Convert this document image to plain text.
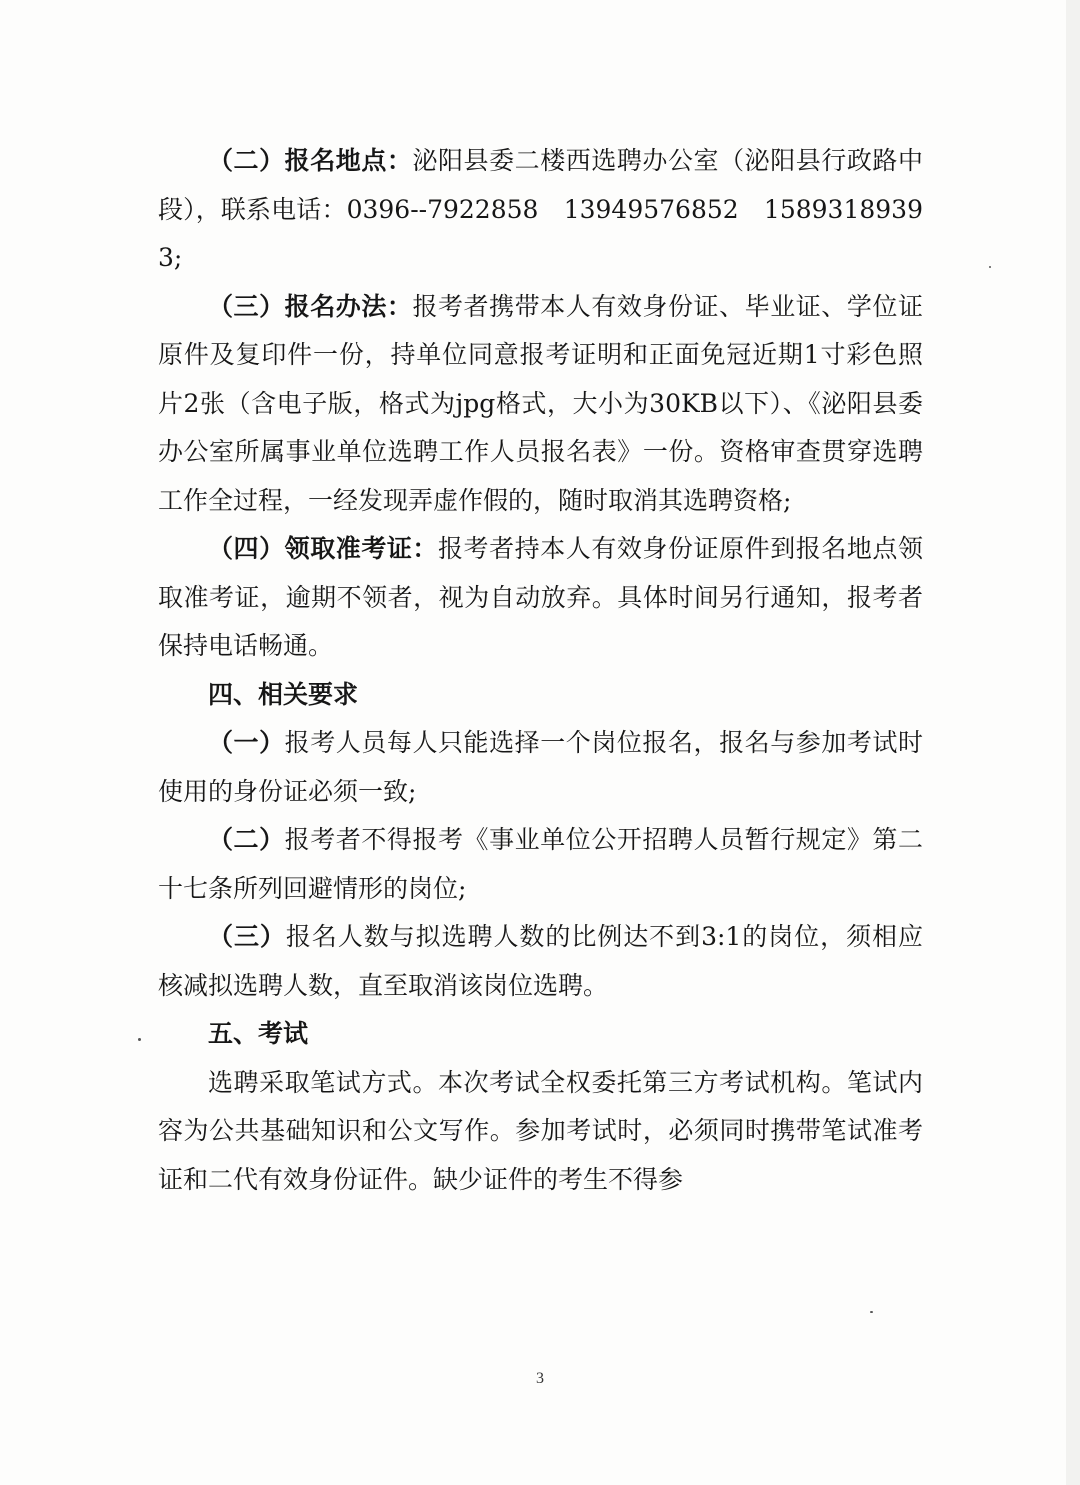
（二）报名地点：泌阳县委二楼西选聘办公室（泌阳县行政路中段），联系电话：0396--7922858　13949576852　15893189393;

（三）报名办法：报考者携带本人有效身份证、毕业证、学位证原件及复印件一份，持单位同意报考证明和正面免冠近期1寸彩色照片2张（含电子版，格式为jpg格式，大小为30KB以下）、《泌阳县委办公室所属事业单位选聘工作人员报名表》一份。资格审查贯穿选聘工作全过程，一经发现弄虚作假的，随时取消其选聘资格;

（四）领取准考证：报考者持本人有效身份证原件到报名地点领取准考证，逾期不领者，视为自动放弃。具体时间另行通知，报考者保持电话畅通。

四、相关要求

（一）报考人员每人只能选择一个岗位报名，报名与参加考试时使用的身份证必须一致;

（二）报考者不得报考《事业单位公开招聘人员暂行规定》第二十七条所列回避情形的岗位;

（三）报名人数与拟选聘人数的比例达不到3:1的岗位，须相应核减拟选聘人数，直至取消该岗位选聘。

五、考试

选聘采取笔试方式。本次考试全权委托第三方考试机构。笔试内容为公共基础知识和公文写作。参加考试时，必须同时携带笔试准考证和二代有效身份证件。缺少证件的考生不得参

3
